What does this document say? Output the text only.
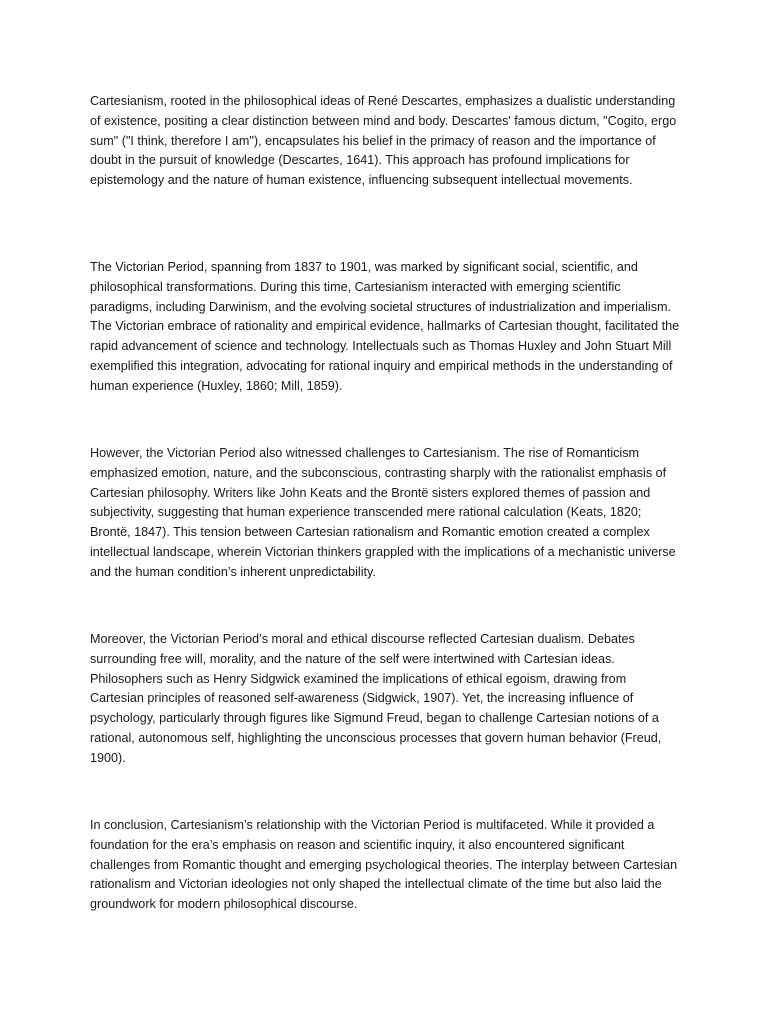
Cartesianism, rooted in the philosophical ideas of René Descartes, emphasizes a dualistic understanding of existence, positing a clear distinction between mind and body. Descartes' famous dictum, "Cogito, ergo sum" ("I think, therefore I am"), encapsulates his belief in the primacy of reason and the importance of doubt in the pursuit of knowledge (Descartes, 1641). This approach has profound implications for epistemology and the nature of human existence, influencing subsequent intellectual movements.

The Victorian Period, spanning from 1837 to 1901, was marked by significant social, scientific, and philosophical transformations. During this time, Cartesianism interacted with emerging scientific paradigms, including Darwinism, and the evolving societal structures of industrialization and imperialism. The Victorian embrace of rationality and empirical evidence, hallmarks of Cartesian thought, facilitated the rapid advancement of science and technology. Intellectuals such as Thomas Huxley and John Stuart Mill exemplified this integration, advocating for rational inquiry and empirical methods in the understanding of human experience (Huxley, 1860; Mill, 1859).

However, the Victorian Period also witnessed challenges to Cartesianism. The rise of Romanticism emphasized emotion, nature, and the subconscious, contrasting sharply with the rationalist emphasis of Cartesian philosophy. Writers like John Keats and the Brontë sisters explored themes of passion and subjectivity, suggesting that human experience transcended mere rational calculation (Keats, 1820; Brontë, 1847). This tension between Cartesian rationalism and Romantic emotion created a complex intellectual landscape, wherein Victorian thinkers grappled with the implications of a mechanistic universe and the human condition’s inherent unpredictability.

Moreover, the Victorian Period’s moral and ethical discourse reflected Cartesian dualism. Debates surrounding free will, morality, and the nature of the self were intertwined with Cartesian ideas. Philosophers such as Henry Sidgwick examined the implications of ethical egoism, drawing from Cartesian principles of reasoned self-awareness (Sidgwick, 1907). Yet, the increasing influence of psychology, particularly through figures like Sigmund Freud, began to challenge Cartesian notions of a rational, autonomous self, highlighting the unconscious processes that govern human behavior (Freud, 1900).

In conclusion, Cartesianism’s relationship with the Victorian Period is multifaceted. While it provided a foundation for the era’s emphasis on reason and scientific inquiry, it also encountered significant challenges from Romantic thought and emerging psychological theories. The interplay between Cartesian rationalism and Victorian ideologies not only shaped the intellectual climate of the time but also laid the groundwork for modern philosophical discourse.
